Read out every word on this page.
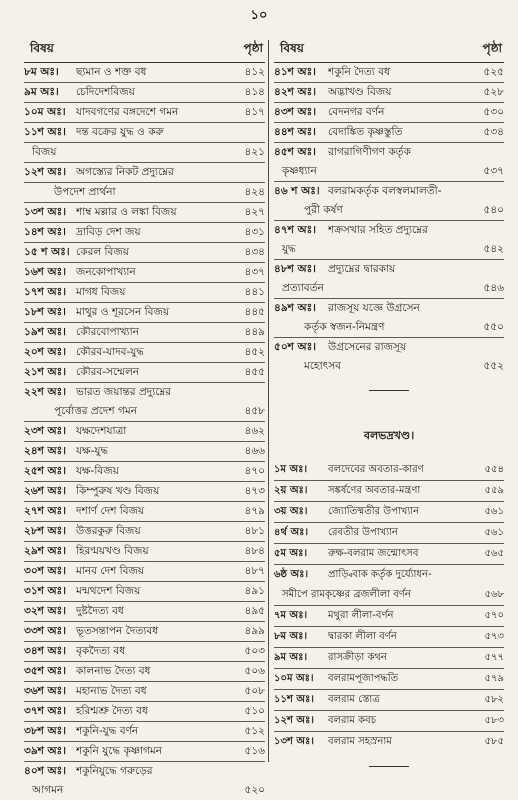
১০
বিষয়	পৃষ্ঠা
৮ম অঃ।	ছ্যমান ও শক্ত বধ	৪১২
৯ম অঃ।	চেদিদেশবিজয়	৪১৪
১০ম অঃ। যাদবগণের বঙ্গদেশে গমন	৪১৭
১১শ অঃ। দন্ত বক্রের যুদ্ধ ও করু
বিজয়	৪২১
১২শ অঃ। অগস্ত্যের নিকট প্রদ্যুম্নের
উপদেশ প্রার্থনা	৪২৪
১৩শ অঃ। শাম্ব মল্লার ও লঙ্কা বিজয়	৪২৭
১৪শ অঃ। দ্রাবিড় দেশ জয়	৪৩১
১৫ শ অঃ। কেরল বিজয়	৪৩৪
১৬শ অঃ। জনকোপাখ্যান	৪৩৭
১৭শ অঃ। মাগধ বিজয়	৪৪১
১৮শ অঃ। মাথুর ও শূরসেন বিজয়	৪৪৫
১৯শ অঃ। কৌরবোপাখ্যান	৪৪৯
২০শ অঃ। কৌরব-যাদব-যুদ্ধ	৪৫২
২১শ অঃ। কৌরব-সম্মেলন	৪৫৫
২২শ অঃ। ভারত জয়ান্তর প্রদ্যুম্নের
পূর্বোত্তর প্রদেশ গমন	৪৫৮
২৩শ অঃ। যক্ষদেশযাত্রা	৪৬২
২৪শ অঃ। যক্ষ-যুদ্ধ	৪৬৬
২৫শ অঃ। যক্ষ-বিজয়	৪৭০
২৬শ অঃ। কিম্পুরুষ খণ্ড বিজয়	৪৭৩
২৭শ অঃ। দশার্ণ দেশ বিজয়	৪৭৯
২৮শ অঃ। উত্তরকুরু বিজয়	৪৮১
২৯শ অঃ। হিরণ্ময়খণ্ড বিজয়	৪৮৪
৩০শ অঃ। মানব দেশ বিজয়	৪৮৭
৩১শ অঃ। মন্মথদেশ বিজয়	৪৯১
৩২শ অঃ। দুষ্টদৈত্য বধ	৪৯৫
৩৩শ অঃ। ভূতসন্তাপন দৈত্যবধ	৪৯৯
৩৪শ অঃ। বৃকদৈত্য বধ	৫০৩
৩৫শ অঃ। কালনাভ দৈত্য বধ	৫০৬
৩৬শ অঃ। মহানাভ দৈত্য বধ	৫০৮
৩৭শ অঃ। হরিশ্মশ্রু দৈত্য বধ	৫১০
৩৮শ অঃ। শকুনি-যুদ্ধ বর্ণন	৫১২
৩৯শ অঃ। শকুনি যুদ্ধে কৃষ্ণাগমন	৫১৬
৪০শ অঃ। শকুনিযুদ্ধে গরুড়ের
আগমন	৫২০
বিষয়	পৃষ্ঠা
৪১শ অঃ।	শকুনি দৈত্য বধ	৫২৫
৪২শ অঃ।	অদ্ভাখণ্ড বিজয়	৫২৮
৪৩শ অঃ।	বেদনগর বর্ণন	৫৩০
৪৪শ অঃ।	বেদাঙ্কিত কৃষ্ণস্তুতি	৫৩৪
৪৫শ অঃ।	রাগরাগিণীগণ কর্তৃক
কৃষ্ণধ্যান	৫৩৭
৪৬ শ অঃ। বলরামকর্তৃক বলস্বলমালতী-
পুরী কর্ষণ	৫৪০
৪৭শ অঃ।	শক্রসখার সহিত প্রদ্যুম্নের
যুদ্ধ	৫৪২
৪৮শ অঃ।	প্রদ্যুম্নের দ্বারকায়
প্রত্যাবর্তন	৫৪৬
৪৯শ অঃ।	রাজসূয় যজ্ঞে উগ্রসেন
কর্তৃক স্বজন-নিমন্ত্রণ	৫৫০
৫০শ অঃ।	উগ্রসেনের রাজসূয়
মহোৎসব	৫৫২
বলভদ্রখণ্ড।
১ম অঃ।	বলদেবের অবতার-কারণ	৫৫৪
২য় অঃ।	সঙ্কর্ষণের অবতার-মন্ত্রণা	৫৫৯
৩য় অঃ।	জ্যোতিষ্মতীর উপাখ্যান	৫৬১
৪র্থ অঃ।	রেবতীর উপাখ্যান	৫৬১
৫ম অঃ।	রুক্ষ-বলরাম জন্মোৎসব	৫৬৫
৬ষ্ঠ অঃ।	প্রাড়্বিবাক কর্তৃক দুর্য্যোধন-
সমীপে রামকৃষ্ণের ব্রজলীলা বর্ণন	৫৬৮
৭ম অঃ।	মথুরা লীলা-বর্ণন	৫৭০
৮ম অঃ।	দ্বারকা লীলা বর্ণন	৫৭৩
৯ম অঃ।	রাসক্রীড়া কথন	৫৭৭
১০ম অঃ।	বলরামপূজাপদ্ধতি	৫৭৯
১১শ অঃ।	বলরাম স্তোত্র	৫৮২
১২শ অঃ।	বলরাম কবচ	৫৮৩
১৩শ অঃ।	বলরাম সহস্রনাম	৫৮৫
